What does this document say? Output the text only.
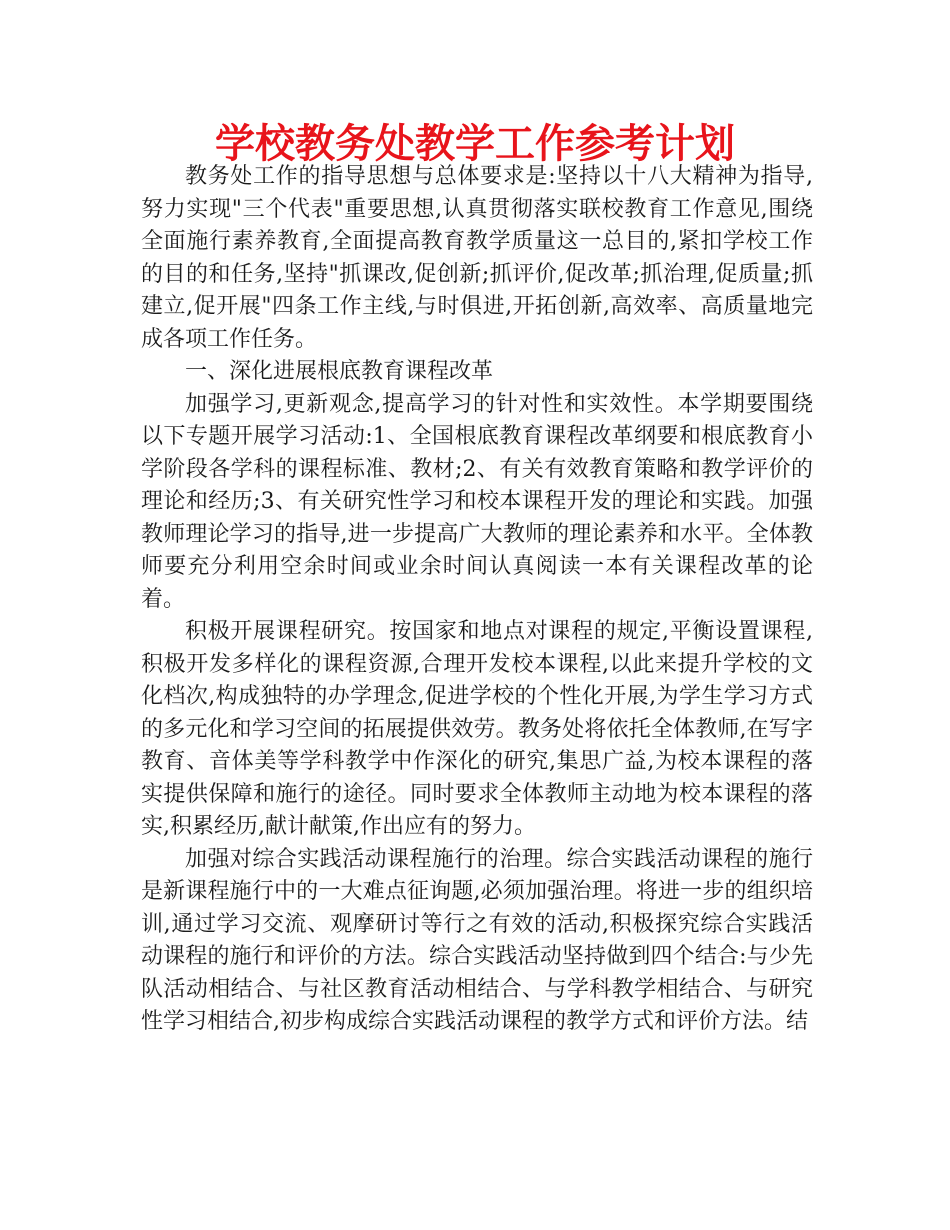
学校教务处教学工作参考计划

教务处工作的指导思想与总体要求是:坚持以十八大精神为指导,努力实现"三个代表"重要思想,认真贯彻落实联校教育工作意见,围绕全面施行素养教育,全面提高教育教学质量这一总目的,紧扣学校工作的目的和任务,坚持"抓课改,促创新;抓评价,促改革;抓治理,促质量;抓建立,促开展"四条工作主线,与时俱进,开拓创新,高效率、高质量地完成各项工作任务。

一、深化进展根底教育课程改革

加强学习,更新观念,提高学习的针对性和实效性。本学期要围绕以下专题开展学习活动:1、全国根底教育课程改革纲要和根底教育小学阶段各学科的课程标准、教材;2、有关有效教育策略和教学评价的理论和经历;3、有关研究性学习和校本课程开发的理论和实践。加强教师理论学习的指导,进一步提高广大教师的理论素养和水平。全体教师要充分利用空余时间或业余时间认真阅读一本有关课程改革的论着。

积极开展课程研究。按国家和地点对课程的规定,平衡设置课程,积极开发多样化的课程资源,合理开发校本课程,以此来提升学校的文化档次,构成独特的办学理念,促进学校的个性化开展,为学生学习方式的多元化和学习空间的拓展提供效劳。教务处将依托全体教师,在写字教育、音体美等学科教学中作深化的研究,集思广益,为校本课程的落实提供保障和施行的途径。同时要求全体教师主动地为校本课程的落实,积累经历,献计献策,作出应有的努力。

加强对综合实践活动课程施行的治理。综合实践活动课程的施行是新课程施行中的一大难点征询题,必须加强治理。将进一步的组织培训,通过学习交流、观摩研讨等行之有效的活动,积极探究综合实践活动课程的施行和评价的方法。综合实践活动坚持做到四个结合:与少先队活动相结合、与社区教育活动相结合、与学科教学相结合、与研究性学习相结合,初步构成综合实践活动课程的教学方式和评价方法。结
